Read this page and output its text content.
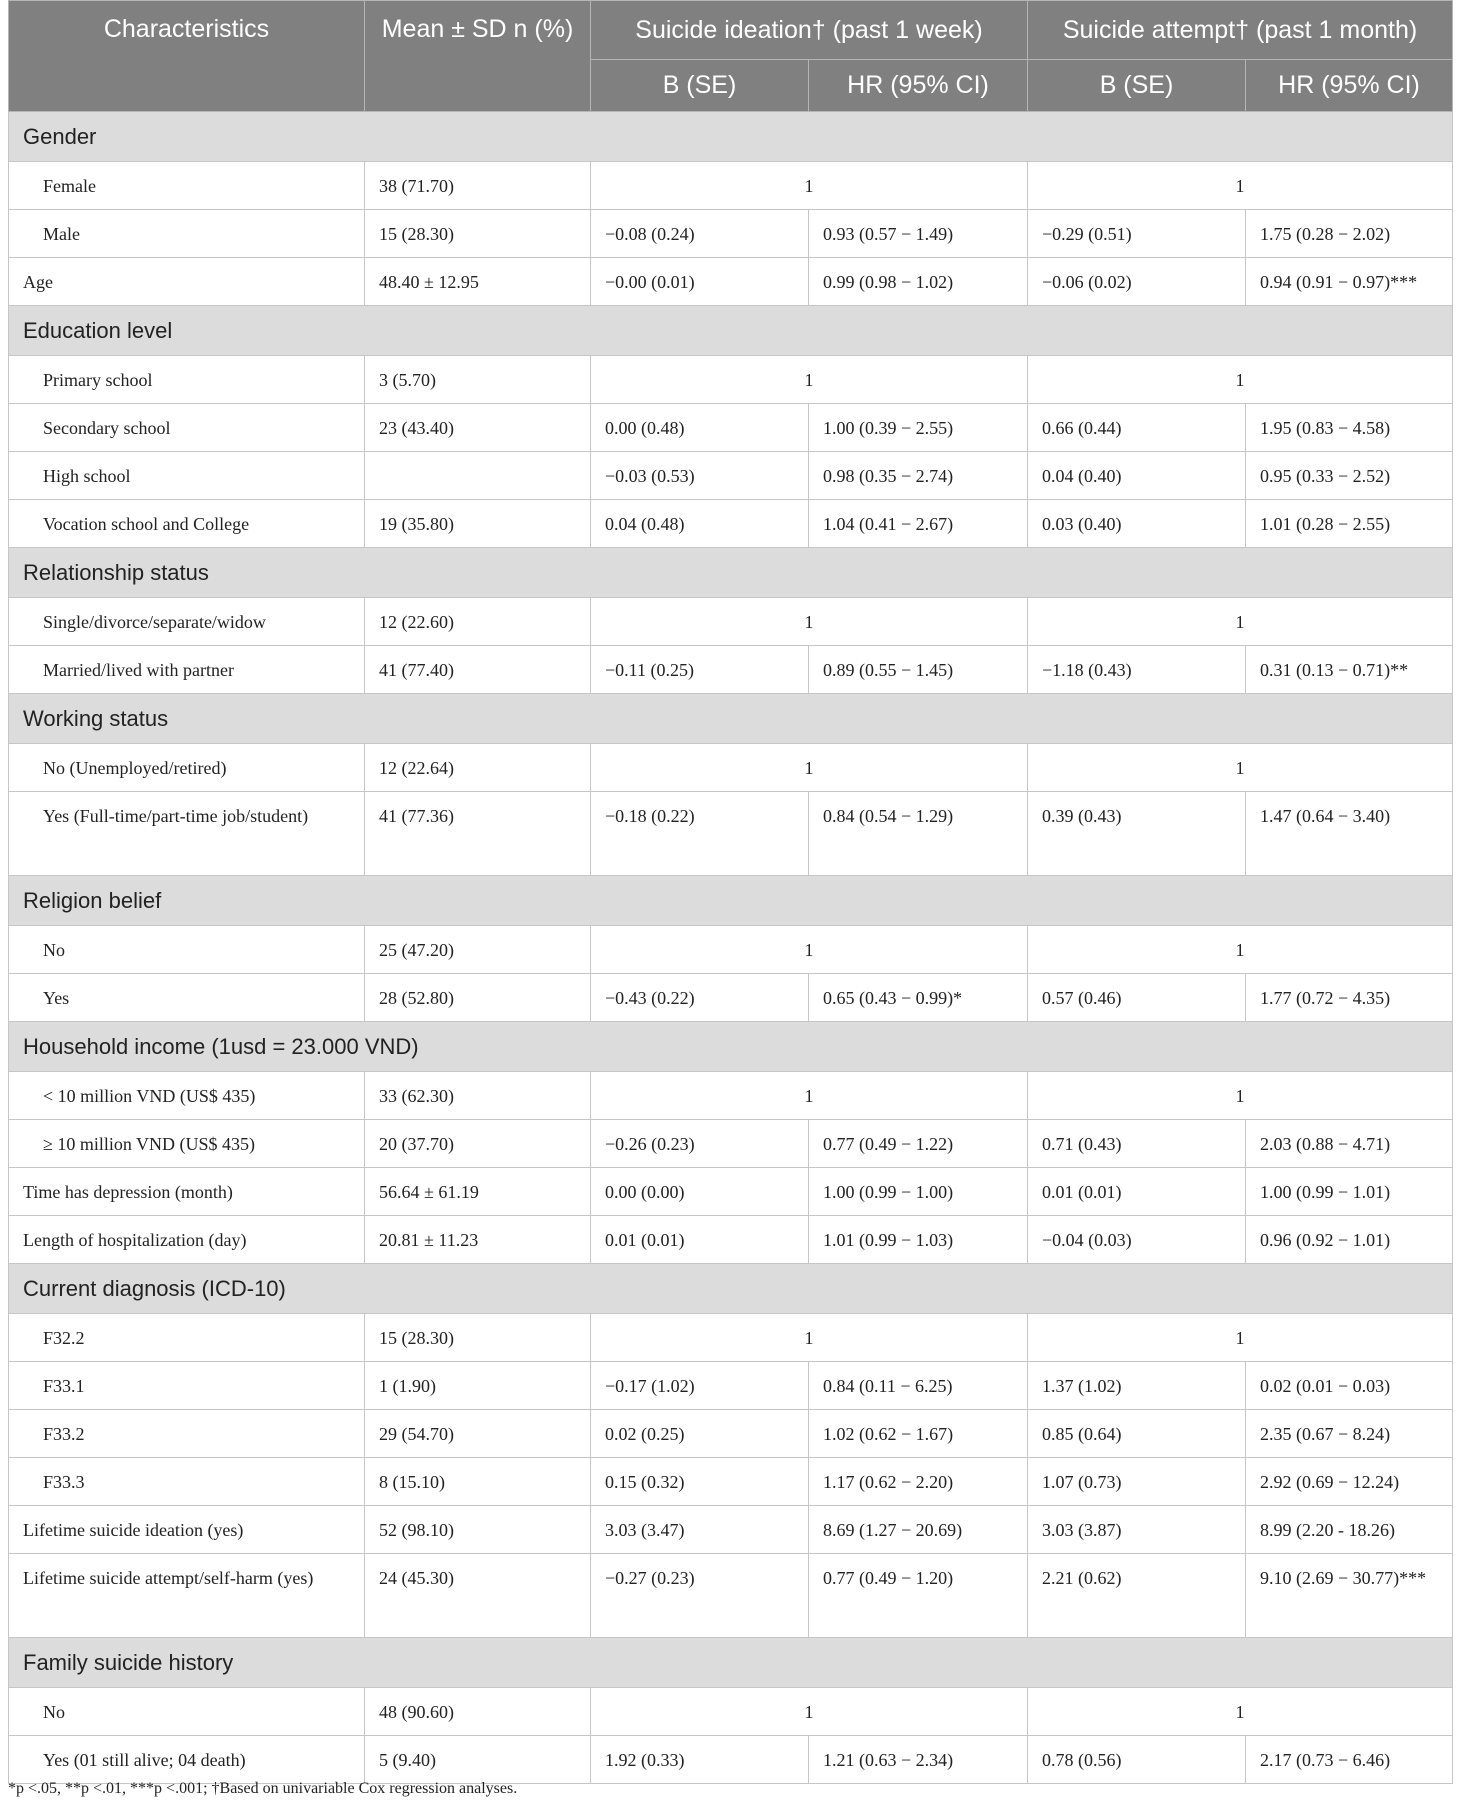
Characteristics	Mean ± SD n (%)	Suicide ideation† (past 1 week)		Suicide attempt† (past 1 month)	
		B (SE)	HR (95% CI)	B (SE)	HR (95% CI)
Gender					
Female	38 (71.70)	1		1	
Male	15 (28.30)	−0.08 (0.24)	0.93 (0.57 − 1.49)	−0.29 (0.51)	1.75 (0.28 − 2.02)
Age	48.40 ± 12.95	−0.00 (0.01)	0.99 (0.98 − 1.02)	−0.06 (0.02)	0.94 (0.91 − 0.97)***
Education level					
Primary school	3 (5.70)	1		1	
Secondary school	23 (43.40)	0.00 (0.48)	1.00 (0.39 − 2.55)	0.66 (0.44)	1.95 (0.83 − 4.58)
High school		−0.03 (0.53)	0.98 (0.35 − 2.74)	0.04 (0.40)	0.95 (0.33 − 2.52)
Vocation school and College	19 (35.80)	0.04 (0.48)	1.04 (0.41 − 2.67)	0.03 (0.40)	1.01 (0.28 − 2.55)
Relationship status					
Single/divorce/separate/widow	12 (22.60)	1		1	
Married/lived with partner	41 (77.40)	−0.11 (0.25)	0.89 (0.55 − 1.45)	−1.18 (0.43)	0.31 (0.13 − 0.71)**
Working status					
No (Unemployed/retired)	12 (22.64)	1		1	
Yes (Full-time/part-time job/student)	41 (77.36)	−0.18 (0.22)	0.84 (0.54 − 1.29)	0.39 (0.43)	1.47 (0.64 − 3.40)
Religion belief					
No	25 (47.20)	1		1	
Yes	28 (52.80)	−0.43 (0.22)	0.65 (0.43 − 0.99)*	0.57 (0.46)	1.77 (0.72 − 4.35)
Household income (1usd = 23.000 VND)					
< 10 million VND (US$ 435)	33 (62.30)	1		1	
≥ 10 million VND (US$ 435)	20 (37.70)	−0.26 (0.23)	0.77 (0.49 − 1.22)	0.71 (0.43)	2.03 (0.88 − 4.71)
Time has depression (month)	56.64 ± 61.19	0.00 (0.00)	1.00 (0.99 − 1.00)	0.01 (0.01)	1.00 (0.99 − 1.01)
Length of hospitalization (day)	20.81 ± 11.23	0.01 (0.01)	1.01 (0.99 − 1.03)	−0.04 (0.03)	0.96 (0.92 − 1.01)
Current diagnosis (ICD-10)					
F32.2	15 (28.30)	1		1	
F33.1	1 (1.90)	−0.17 (1.02)	0.84 (0.11 − 6.25)	1.37 (1.02)	0.02 (0.01 − 0.03)
F33.2	29 (54.70)	0.02 (0.25)	1.02 (0.62 − 1.67)	0.85 (0.64)	2.35 (0.67 − 8.24)
F33.3	8 (15.10)	0.15 (0.32)	1.17 (0.62 − 2.20)	1.07 (0.73)	2.92 (0.69 − 12.24)
Lifetime suicide ideation (yes)	52 (98.10)	3.03 (3.47)	8.69 (1.27 − 20.69)	3.03 (3.87)	8.99 (2.20 - 18.26)
Lifetime suicide attempt/self-harm (yes)	24 (45.30)	−0.27 (0.23)	0.77 (0.49 − 1.20)	2.21 (0.62)	9.10 (2.69 − 30.77)***
Family suicide history					
No	48 (90.60)	1		1	
Yes (01 still alive; 04 death)	5 (9.40)	1.92 (0.33)	1.21 (0.63 − 2.34)	0.78 (0.56)	2.17 (0.73 − 6.46)
*p <.05, **p <.01, ***p <.001; †Based on univariable Cox regression analyses.
